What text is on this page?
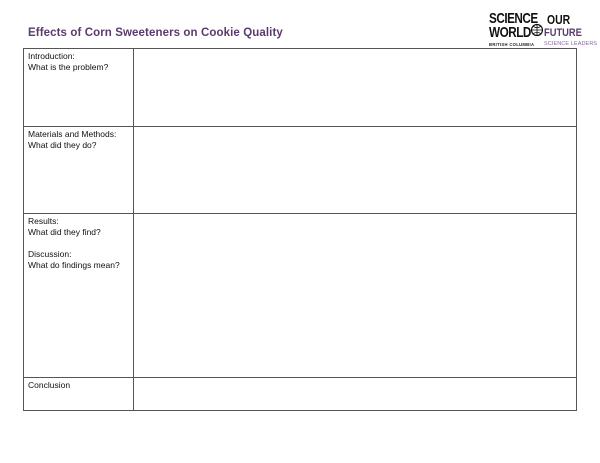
Effects of Corn Sweeteners on Cookie Quality
SCIENCE
WORLD
BRITISH COLUMBIA
OUR
FUTURE
SCIENCE LEADERS
Introduction:
What is the problem?	

Materials and Methods:
What did they do?	

Results:
What did they find?
Discussion:
What do findings mean?	

Conclusion	
